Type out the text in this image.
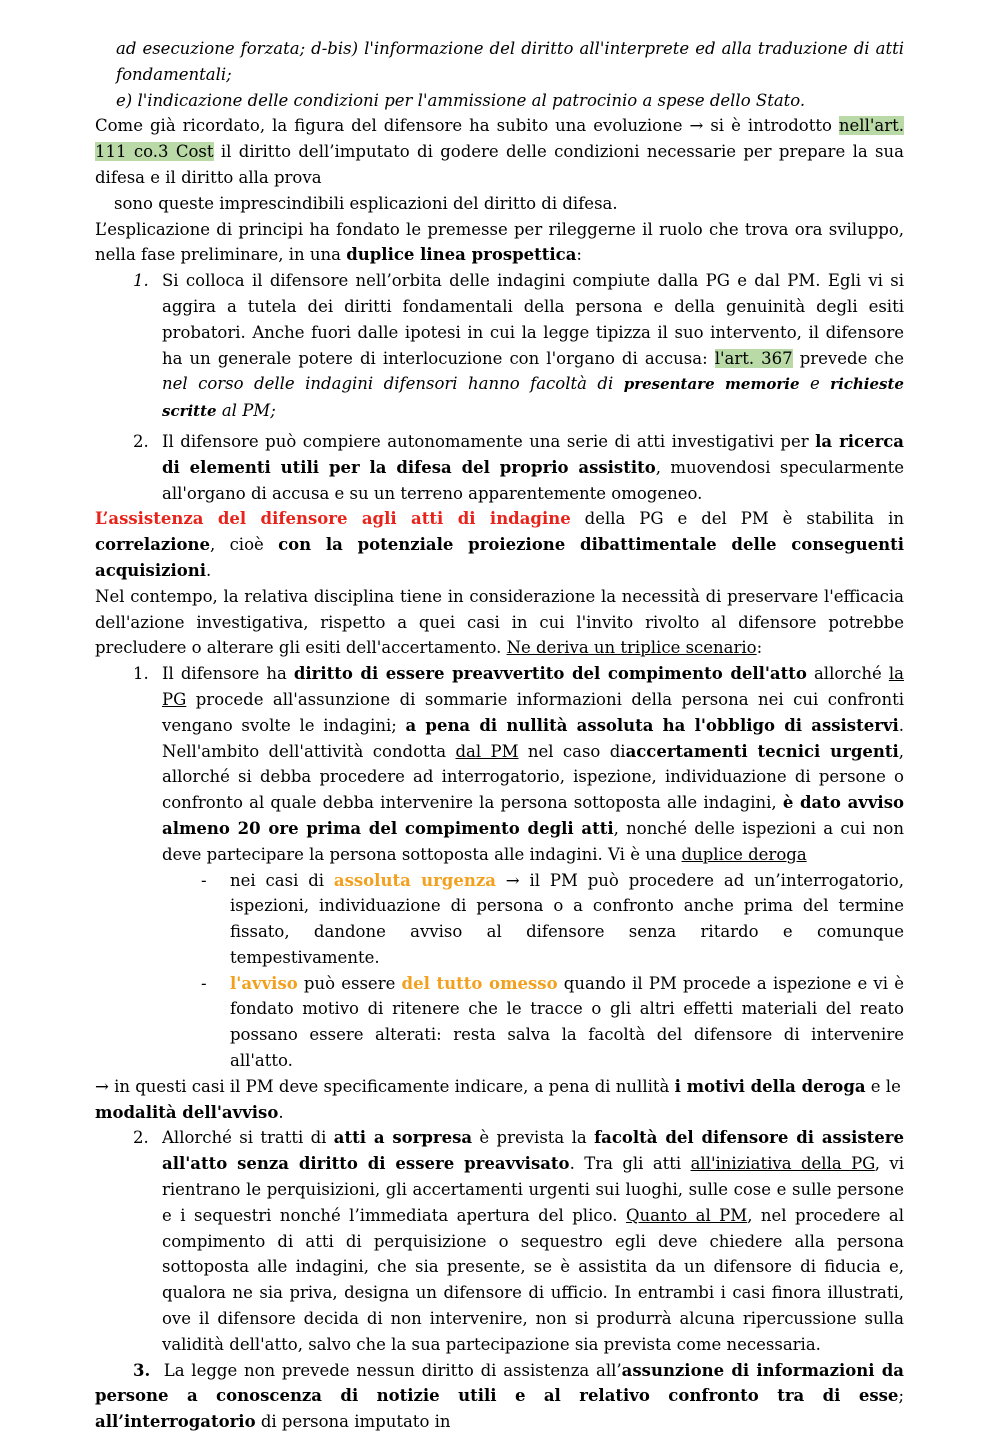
ad esecuzione forzata; d-bis) l'informazione del diritto all'interprete ed alla traduzione di atti fondamentali;

e) l'indicazione delle condizioni per l'ammissione al patrocinio a spese dello Stato.

Come già ricordato, la figura del difensore ha subito una evoluzione → si è introdotto nell'art. 111 co.3 Cost il diritto dell’imputato di godere delle condizioni necessarie per prepare la sua difesa e il diritto alla prova

sono queste imprescindibili esplicazioni del diritto di difesa.

L’esplicazione di principi ha fondato le premesse per rileggerne il ruolo che trova ora sviluppo, nella fase preliminare, in una duplice linea prospettica:

1. Si colloca il difensore nell’orbita delle indagini compiute dalla PG e dal PM. Egli vi si aggira a tutela dei diritti fondamentali della persona e della genuinità degli esiti probatori. Anche fuori dalle ipotesi in cui la legge tipizza il suo intervento, il difensore ha un generale potere di interlocuzione con l'organo di accusa: l'art. 367 prevede che nel corso delle indagini difensori hanno facoltà di presentare memorie e richieste scritte al PM;
2. Il difensore può compiere autonomamente una serie di atti investigativi per la ricerca di elementi utili per la difesa del proprio assistito, muovendosi specularmente all'organo di accusa e su un terreno apparentemente omogeneo.

L’assistenza del difensore agli atti di indagine della PG e del PM è stabilita in correlazione, cioè con la potenziale proiezione dibattimentale delle conseguenti acquisizioni.

Nel contempo, la relativa disciplina tiene in considerazione la necessità di preservare l'efficacia dell'azione investigativa, rispetto a quei casi in cui l'invito rivolto al difensore potrebbe precludere o alterare gli esiti dell'accertamento. Ne deriva un triplice scenario:

1. Il difensore ha diritto di essere preavvertito del compimento dell'atto allorché la PG procede all'assunzione di sommarie informazioni della persona nei cui confronti vengano svolte le indagini; a pena di nullità assoluta ha l'obbligo di assistervi. Nell'ambito dell'attività condotta dal PM nel caso diaccertamenti tecnici urgenti, allorché si debba procedere ad interrogatorio, ispezione, individuazione di persone o confronto al quale debba intervenire la persona sottoposta alle indagini, è dato avviso almeno 20 ore prima del compimento degli atti, nonché delle ispezioni a cui non deve partecipare la persona sottoposta alle indagini. Vi è una duplice deroga
- nei casi di assoluta urgenza → il PM può procedere ad un’interrogatorio, ispezioni, individuazione di persona o a confronto anche prima del termine fissato, dandone avviso al difensore senza ritardo e comunque tempestivamente.
- l'avviso può essere del tutto omesso quando il PM procede a ispezione e vi è fondato motivo di ritenere che le tracce o gli altri effetti materiali del reato possano essere alterati: resta salva la facoltà del difensore di intervenire all'atto.

→ in questi casi il PM deve specificamente indicare, a pena di nullità i motivi della deroga e le modalità dell'avviso.

2. Allorché si tratti di atti a sorpresa è prevista la facoltà del difensore di assistere all'atto senza diritto di essere preavvisato. Tra gli atti all'iniziativa della PG, vi rientrano le perquisizioni, gli accertamenti urgenti sui luoghi, sulle cose e sulle persone e i sequestri nonché l’immediata apertura del plico. Quanto al PM, nel procedere al compimento di atti di perquisizione o sequestro egli deve chiedere alla persona sottoposta alle indagini, che sia presente, se è assistita da un difensore di fiducia e, qualora ne sia priva, designa un difensore di ufficio. In entrambi i casi finora illustrati, ove il difensore decida di non intervenire, non si produrrà alcuna ripercussione sulla validità dell'atto, salvo che la sua partecipazione sia prevista come necessaria.

3. La legge non prevede nessun diritto di assistenza all’assunzione di informazioni da persone a conoscenza di notizie utili e al relativo confronto tra di esse; all’interrogatorio di persona imputato in
